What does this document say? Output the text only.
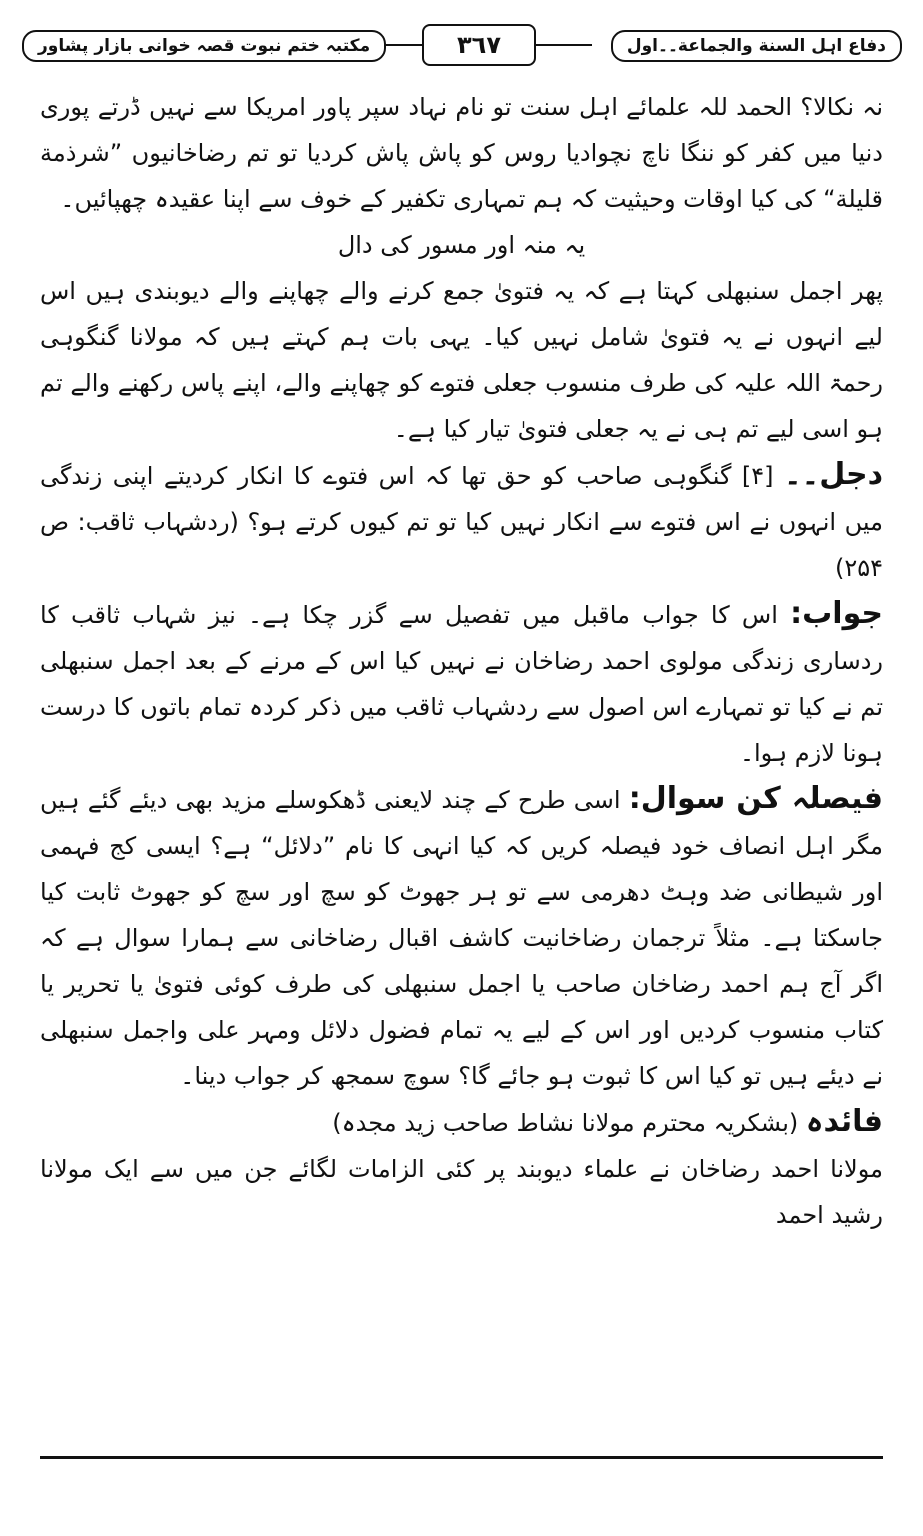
دفاع اہل السنة والجماعة۔۔اول
٣٦٧
مکتبہ ختم نبوت قصہ خوانی بازار پشاور

نہ نکالا؟ الحمد للہ علمائے اہل سنت تو نام نہاد سپر پاور امریکا سے نہیں ڈرتے پوری دنیا میں کفر کو ننگا ناچ نچوادیا روس کو پاش پاش کردیا تو تم رضاخانیوں ”شرذمة قلیلة“ کی کیا اوقات وحیثیت کہ ہم تمہاری تکفیر کے خوف سے اپنا عقیدہ چھپائیں۔

یہ منہ اور مسور کی دال

پھر اجمل سنبھلی کہتا ہے کہ یہ فتویٰ جمع کرنے والے چھاپنے والے دیوبندی ہیں اس لیے انہوں نے یہ فتویٰ شامل نہیں کیا۔ یہی بات ہم کہتے ہیں کہ مولانا گنگوہی رحمۃ اللہ علیہ کی طرف منسوب جعلی فتوے کو چھاپنے والے، اپنے پاس رکھنے والے تم ہو اسی لیے تم ہی نے یہ جعلی فتویٰ تیار کیا ہے۔

دجل۔۔ [۴] گنگوہی صاحب کو حق تھا کہ اس فتوے کا انکار کردیتے اپنی زندگی میں انہوں نے اس فتوے سے انکار نہیں کیا تو تم کیوں کرتے ہو؟ (ردشہاب ثاقب: ص ۲۵۴)

جواب: اس کا جواب ماقبل میں تفصیل سے گزر چکا ہے۔ نیز شہاب ثاقب کا ردساری زندگی مولوی احمد رضاخان نے نہیں کیا اس کے مرنے کے بعد اجمل سنبھلی تم نے کیا تو تمہارے اس اصول سے ردشہاب ثاقب میں ذکر کردہ تمام باتوں کا درست ہونا لازم ہوا۔

فیصلہ کن سوال: اسی طرح کے چند لایعنی ڈھکوسلے مزید بھی دیئے گئے ہیں مگر اہل انصاف خود فیصلہ کریں کہ کیا انہی کا نام ”دلائل“ ہے؟ ایسی کج فہمی اور شیطانی ضد وہٹ دھرمی سے تو ہر جھوٹ کو سچ اور سچ کو جھوٹ ثابت کیا جاسکتا ہے۔ مثلاً ترجمان رضاخانیت کاشف اقبال رضاخانی سے ہمارا سوال ہے کہ اگر آج ہم احمد رضاخان صاحب یا اجمل سنبھلی کی طرف کوئی فتویٰ یا تحریر یا کتاب منسوب کردیں اور اس کے لیے یہ تمام فضول دلائل ومہر علی واجمل سنبھلی نے دیئے ہیں تو کیا اس کا ثبوت ہو جائے گا؟ سوچ سمجھ کر جواب دینا۔

فائدہ (بشکریہ محترم مولانا نشاط صاحب زید مجدہ)

مولانا احمد رضاخان نے علماء دیوبند پر کئی الزامات لگائے جن میں سے ایک مولانا رشید احمد
